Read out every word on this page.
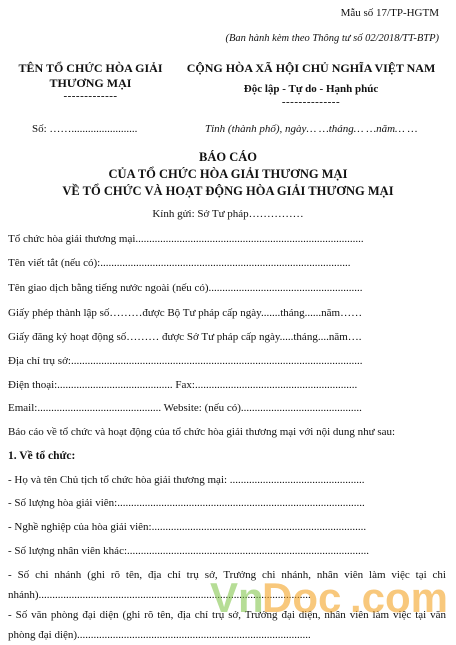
Mẫu số 17/TP-HGTM
(Ban hành kèm theo Thông tư số 02/2018/TT-BTP)
TÊN TỔ CHỨC HÒA GIẢI THƯƠNG MẠI
-------------
CỘNG HÒA XÃ HỘI CHỦ NGHĨA VIỆT NAM
Độc lập - Tự do - Hạnh phúc
--------------
Số: ……........................	Tỉnh (thành phố), ngày… …tháng… …năm… …
BÁO CÁO
CỦA TỔ CHỨC HÒA GIẢI THƯƠNG MẠI
VỀ TỔ CHỨC VÀ HOẠT ĐỘNG HÒA GIẢI THƯƠNG MẠI
Kính gửi: Sở Tư pháp……………
Tổ chức hòa giải thương mại...................................................................................
Tên viết tắt (nếu có):...........................................................................................
Tên giao dịch bằng tiếng nước ngoài (nếu có)........................................................
Giấy phép thành lập số………được Bộ Tư pháp cấp ngày.......tháng......năm……
Giấy đăng ký hoạt động số……… được Sở Tư pháp cấp ngày.....tháng....năm….
Địa chỉ trụ sở:..........................................................................................................
Điện thoại:.......................................... Fax:...........................................................
Email:............................................. Website: (nếu có)............................................
Báo cáo về tổ chức và hoạt động của tổ chức hòa giải thương mại với nội dung như sau:
1. Về tổ chức:
- Họ và tên Chủ tịch tổ chức hòa giải thương mại: .................................................
- Số lượng hòa giải viên:..........................................................................................
- Nghề nghiệp của hòa giải viên:..............................................................................
- Số lượng nhân viên khác:........................................................................................
- Số chi nhánh (ghi rõ tên, địa chỉ trụ sở, Trưởng chi nhánh, nhân viên làm việc tại chi nhánh)...................................................................................................
- Số văn phòng đại diện (ghi rõ tên, địa chỉ trụ sở, Trưởng đại diện, nhân viên làm việc tại văn phòng đại diện).....................................................................................
Vn
Doc .com
